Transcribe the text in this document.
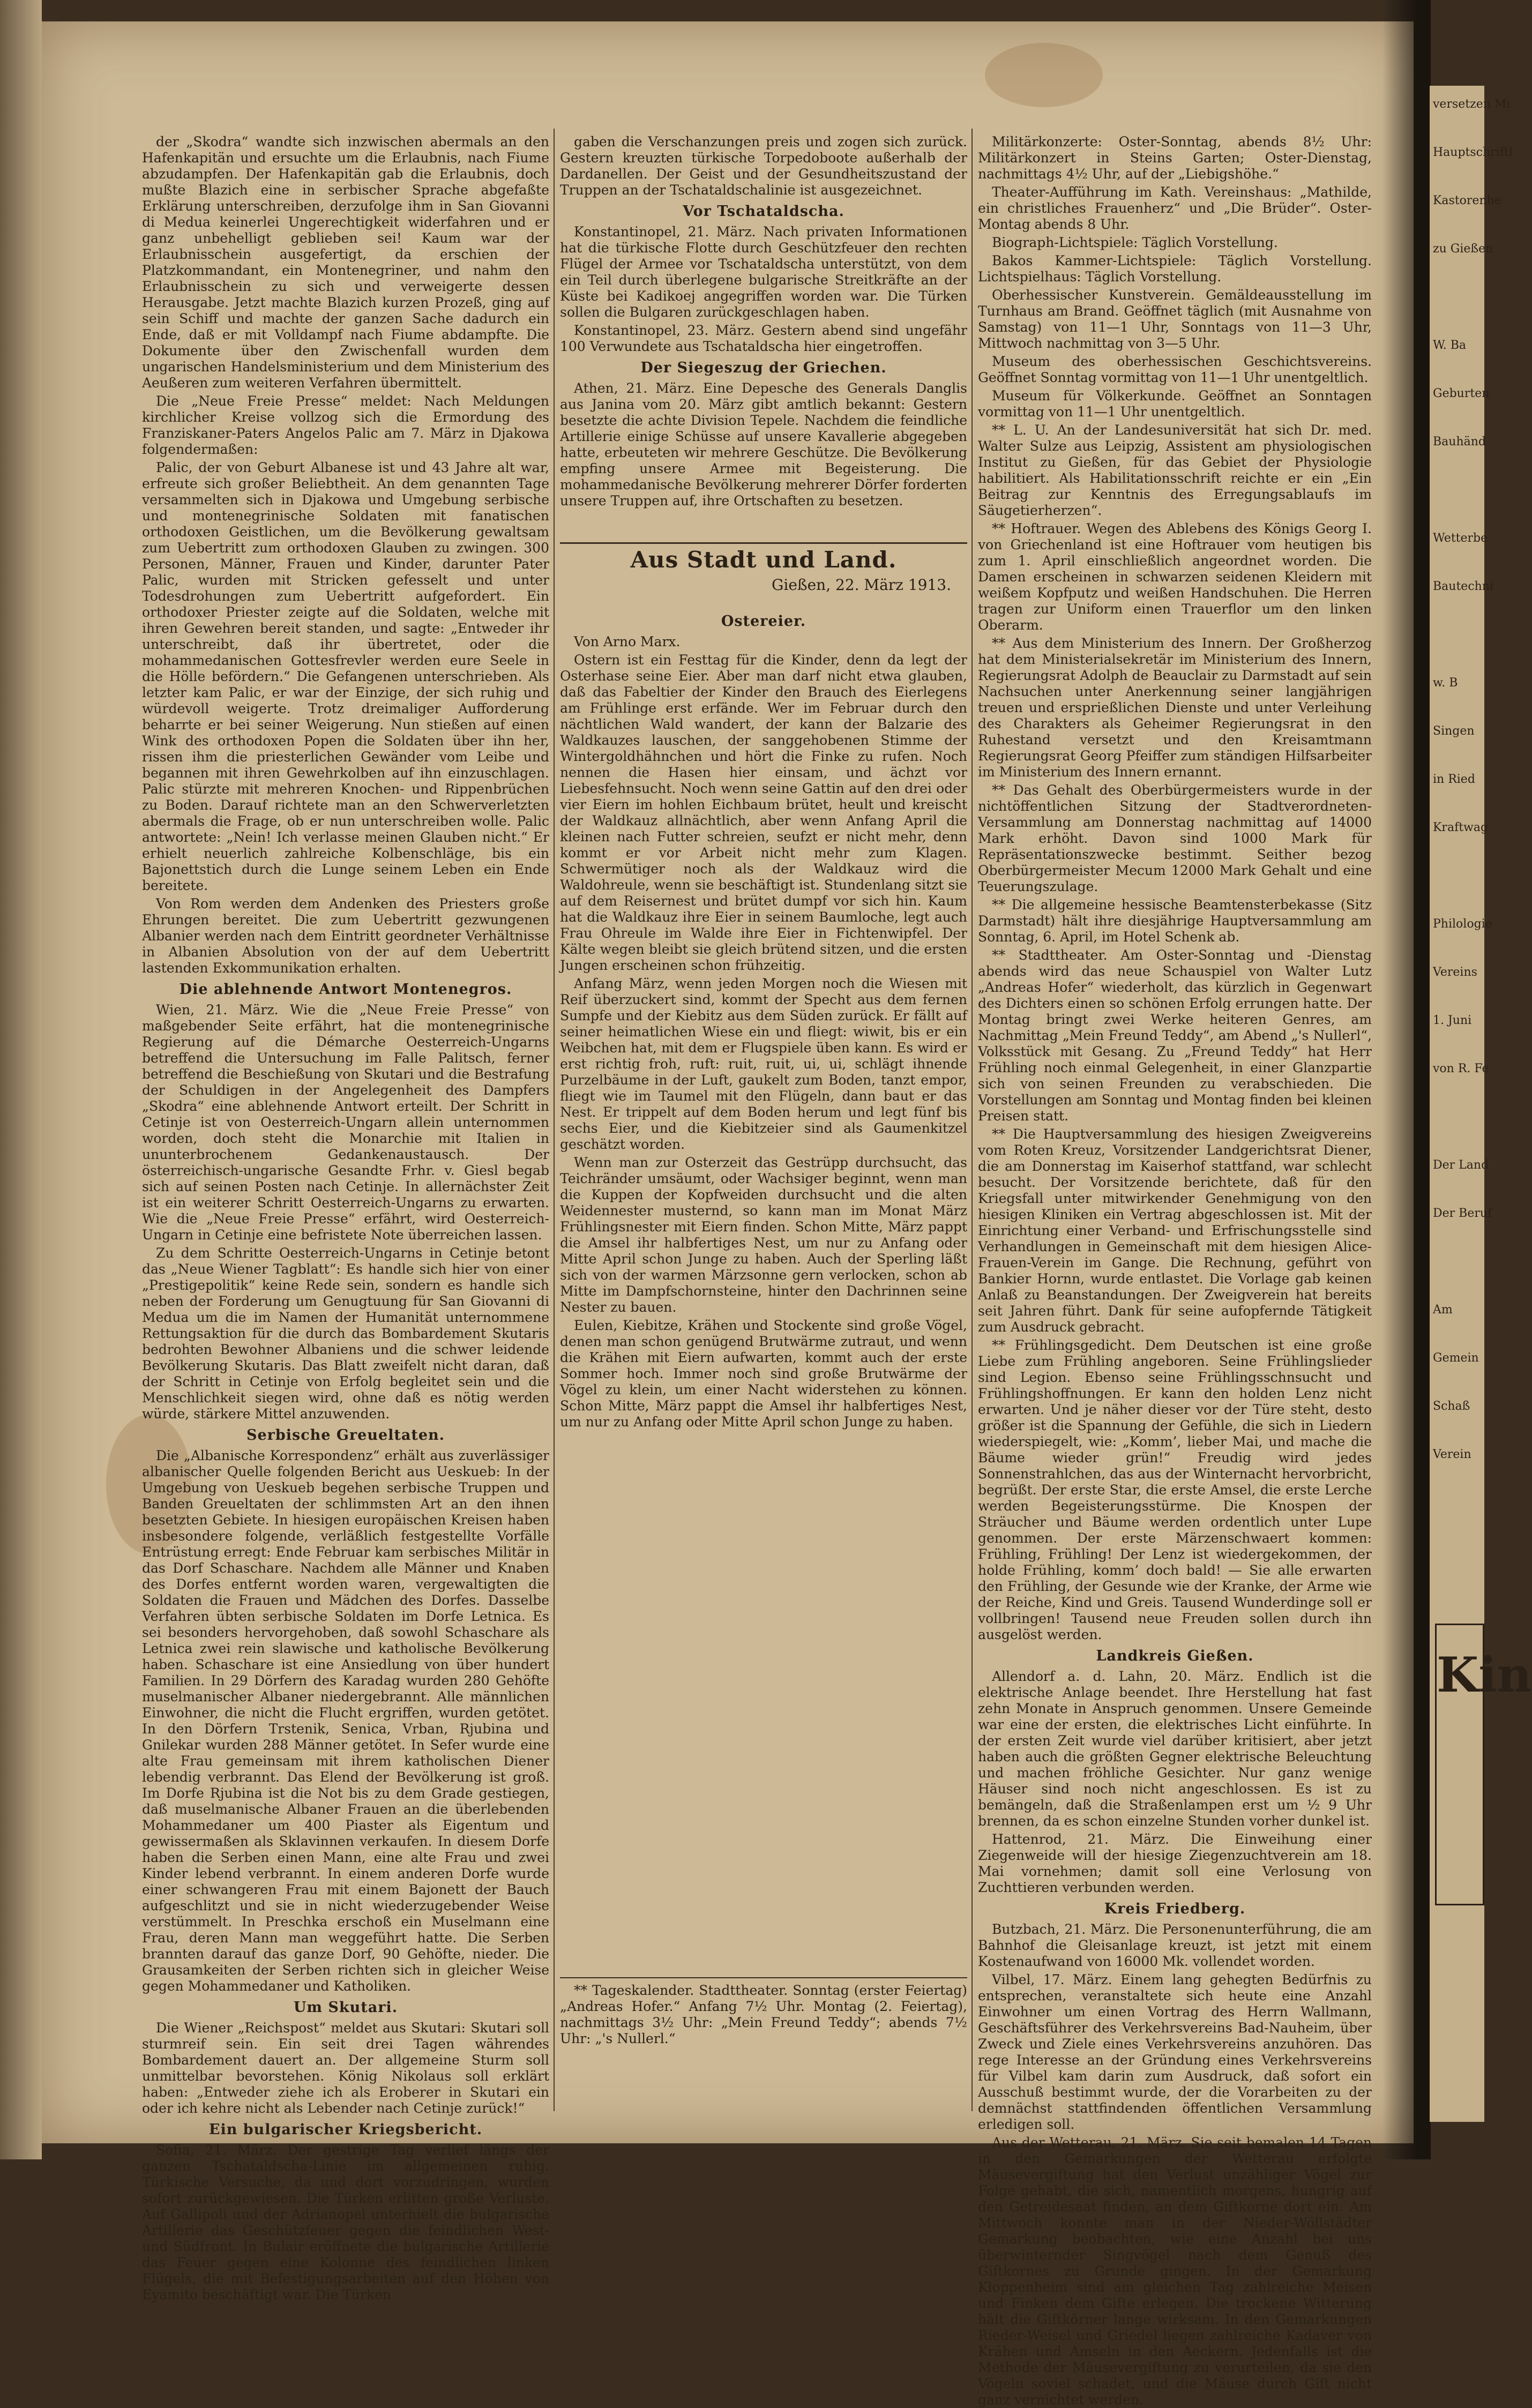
der „Skodra“ wandte sich inzwischen abermals an den Hafenkapitän und ersuchte um die Erlaubnis, nach Fiume abzudampfen. Der Hafenkapitän gab die Erlaubnis, doch mußte Blazich eine in serbischer Sprache abgefaßte Erklärung unterschreiben, derzufolge ihm in San Giovanni di Medua keinerlei Ungerechtigkeit widerfahren und er ganz unbehelligt geblieben sei! Kaum war der Erlaubnisschein ausgefertigt, da erschien der Platzkommandant, ein Montenegriner, und nahm den Erlaubnisschein zu sich und verweigerte dessen Herausgabe. Jetzt machte Blazich kurzen Prozeß, ging auf sein Schiff und machte der ganzen Sache dadurch ein Ende, daß er mit Volldampf nach Fiume abdampfte. Die Dokumente über den Zwischenfall wurden dem ungarischen Handelsministerium und dem Ministerium des Aeußeren zum weiteren Verfahren übermittelt.

Die „Neue Freie Presse“ meldet: Nach Meldungen kirchlicher Kreise vollzog sich die Ermordung des Franziskaner-Paters Angelos Palic am 7. März in Djakowa folgendermaßen:

Palic, der von Geburt Albanese ist und 43 Jahre alt war, erfreute sich großer Beliebtheit. An dem genannten Tage versammelten sich in Djakowa und Umgebung serbische und montenegrinische Soldaten mit fanatischen orthodoxen Geistlichen, um die Bevölkerung gewaltsam zum Uebertritt zum orthodoxen Glauben zu zwingen. 300 Personen, Männer, Frauen und Kinder, darunter Pater Palic, wurden mit Stricken gefesselt und unter Todesdrohungen zum Uebertritt aufgefordert. Ein orthodoxer Priester zeigte auf die Soldaten, welche mit ihren Gewehren bereit standen, und sagte: „Entweder ihr unterschreibt, daß ihr übertretet, oder die mohammedanischen Gottesfrevler werden eure Seele in die Hölle befördern.“ Die Gefangenen unterschrieben. Als letzter kam Palic, er war der Einzige, der sich ruhig und würdevoll weigerte. Trotz dreimaliger Aufforderung beharrte er bei seiner Weigerung. Nun stießen auf einen Wink des orthodoxen Popen die Soldaten über ihn her, rissen ihm die priesterlichen Gewänder vom Leibe und begannen mit ihren Gewehrkolben auf ihn einzuschlagen. Palic stürzte mit mehreren Knochen- und Rippenbrüchen zu Boden. Darauf richtete man an den Schwerverletzten abermals die Frage, ob er nun unterschreiben wolle. Palic antwortete: „Nein! Ich verlasse meinen Glauben nicht.“ Er erhielt neuerlich zahlreiche Kolbenschläge, bis ein Bajonettstich durch die Lunge seinem Leben ein Ende bereitete.

Von Rom werden dem Andenken des Priesters große Ehrungen bereitet. Die zum Uebertritt gezwungenen Albanier werden nach dem Eintritt geordneter Verhältnisse in Albanien Absolution von der auf dem Uebertritt lastenden Exkommunikation erhalten.

Die ablehnende Antwort Montenegros.

Wien, 21. März. Wie die „Neue Freie Presse“ von maßgebender Seite erfährt, hat die montenegrinische Regierung auf die Démarche Oesterreich-Ungarns betreffend die Untersuchung im Falle Palitsch, ferner betreffend die Beschießung von Skutari und die Bestrafung der Schuldigen in der Angelegenheit des Dampfers „Skodra“ eine ablehnende Antwort erteilt. Der Schritt in Cetinje ist von Oesterreich-Ungarn allein unternommen worden, doch steht die Monarchie mit Italien in ununterbrochenem Gedankenaustausch. Der österreichisch-ungarische Gesandte Frhr. v. Giesl begab sich auf seinen Posten nach Cetinje. In allernächster Zeit ist ein weiterer Schritt Oesterreich-Ungarns zu erwarten. Wie die „Neue Freie Presse“ erfährt, wird Oesterreich-Ungarn in Cetinje eine befristete Note überreichen lassen.

Zu dem Schritte Oesterreich-Ungarns in Cetinje betont das „Neue Wiener Tagblatt“: Es handle sich hier von einer „Prestigepolitik“ keine Rede sein, sondern es handle sich neben der Forderung um Genugtuung für San Giovanni di Medua um die im Namen der Humanität unternommene Rettungsaktion für die durch das Bombardement Skutaris bedrohten Bewohner Albaniens und die schwer leidende Bevölkerung Skutaris. Das Blatt zweifelt nicht daran, daß der Schritt in Cetinje von Erfolg begleitet sein und die Menschlichkeit siegen wird, ohne daß es nötig werden würde, stärkere Mittel anzuwenden.

Serbische Greueltaten.

Die „Albanische Korrespondenz“ erhält aus zuverlässiger albanischer Quelle folgenden Bericht aus Ueskueb: In der Umgebung von Ueskueb begehen serbische Truppen und Banden Greueltaten der schlimmsten Art an den ihnen besetzten Gebiete. In hiesigen europäischen Kreisen haben insbesondere folgende, verläßlich festgestellte Vorfälle Entrüstung erregt: Ende Februar kam serbisches Militär in das Dorf Schaschare. Nachdem alle Männer und Knaben des Dorfes entfernt worden waren, vergewaltigten die Soldaten die Frauen und Mädchen des Dorfes. Dasselbe Verfahren übten serbische Soldaten im Dorfe Letnica. Es sei besonders hervorgehoben, daß sowohl Schaschare als Letnica zwei rein slawische und katholische Bevölkerung haben. Schaschare ist eine Ansiedlung von über hundert Familien. In 29 Dörfern des Karadag wurden 280 Gehöfte muselmanischer Albaner niedergebrannt. Alle männlichen Einwohner, die nicht die Flucht ergriffen, wurden getötet. In den Dörfern Trstenik, Senica, Vrban, Rjubina und Gnilekar wurden 288 Männer getötet. In Sefer wurde eine alte Frau gemeinsam mit ihrem katholischen Diener lebendig verbrannt. Das Elend der Bevölkerung ist groß. Im Dorfe Rjubina ist die Not bis zu dem Grade gestiegen, daß muselmanische Albaner Frauen an die überlebenden Mohammedaner um 400 Piaster als Eigentum und gewissermaßen als Sklavinnen verkaufen. In diesem Dorfe haben die Serben einen Mann, eine alte Frau und zwei Kinder lebend verbrannt. In einem anderen Dorfe wurde einer schwangeren Frau mit einem Bajonett der Bauch aufgeschlitzt und sie in nicht wiederzugebender Weise verstümmelt. In Preschka erschoß ein Muselmann eine Frau, deren Mann man weggeführt hatte. Die Serben brannten darauf das ganze Dorf, 90 Gehöfte, nieder. Die Grausamkeiten der Serben richten sich in gleicher Weise gegen Mohammedaner und Katholiken.

Um Skutari.

Die Wiener „Reichspost“ meldet aus Skutari: Skutari soll sturmreif sein. Ein seit drei Tagen währendes Bombardement dauert an. Der allgemeine Sturm soll unmittelbar bevorstehen. König Nikolaus soll erklärt haben: „Entweder ziehe ich als Eroberer in Skutari ein oder ich kehre nicht als Lebender nach Cetinje zurück!“

Ein bulgarischer Kriegsbericht.

Sofia, 21. März. Der gestrige Tag verlief längs der ganzen Tschataldscha-Linie im allgemeinen ruhig. Türkische Versuche, da und dort vorzudringen, wurden sofort zurückgewiesen. Die Türken erlitten große Verluste. Auf Gallipoli und der Adrianopel unterhielt die bulgarische Artillerie das Geschützfeuer gegen die feindlichen West- und Südfront. In Bulair eröffnete die bulgarische Artillerie das Feuer gegen eine Kolonne des feindlichen linken Flügels, die mit Befestigungsarbeiten auf den Höhen von Eyamito beschäftigt war. Die Türken

gaben die Verschanzungen preis und zogen sich zurück. Gestern kreuzten türkische Torpedoboote außerhalb der Dardanellen. Der Geist und der Gesundheitszustand der Truppen an der Tschataldschalinie ist ausgezeichnet.

Vor Tschataldscha.

Konstantinopel, 21. März. Nach privaten Informationen hat die türkische Flotte durch Geschützfeuer den rechten Flügel der Armee vor Tschataldscha unterstützt, von dem ein Teil durch überlegene bulgarische Streitkräfte an der Küste bei Kadikoej angegriffen worden war. Die Türken sollen die Bulgaren zurückgeschlagen haben.

Konstantinopel, 23. März. Gestern abend sind ungefähr 100 Verwundete aus Tschataldscha hier eingetroffen.

Der Siegeszug der Griechen.

Athen, 21. März. Eine Depesche des Generals Danglis aus Janina vom 20. März gibt amtlich bekannt: Gestern besetzte die achte Division Tepele. Nachdem die feindliche Artillerie einige Schüsse auf unsere Kavallerie abgegeben hatte, erbeuteten wir mehrere Geschütze. Die Bevölkerung empfing unsere Armee mit Begeisterung. Die mohammedanische Bevölkerung mehrerer Dörfer forderten unsere Truppen auf, ihre Ortschaften zu besetzen.

Aus Stadt und Land.
Gießen, 22. März 1913.
Ostereier.

Von Arno Marx.

Ostern ist ein Festtag für die Kinder, denn da legt der Osterhase seine Eier. Aber man darf nicht etwa glauben, daß das Fabeltier der Kinder den Brauch des Eierlegens am Frühlinge erst erfände. Wer im Februar durch den nächtlichen Wald wandert, der kann der Balzarie des Waldkauzes lauschen, der sanggehobenen Stimme der Wintergoldhähnchen und hört die Finke zu rufen. Noch nennen die Hasen hier einsam, und ächzt vor Liebesfehnsucht. Noch wenn seine Gattin auf den drei oder vier Eiern im hohlen Eichbaum brütet, heult und kreischt der Waldkauz allnächtlich, aber wenn Anfang April die kleinen nach Futter schreien, seufzt er nicht mehr, denn kommt er vor Arbeit nicht mehr zum Klagen. Schwermütiger noch als der Waldkauz wird die Waldohreule, wenn sie beschäftigt ist. Stundenlang sitzt sie auf dem Reisernest und brütet dumpf vor sich hin. Kaum hat die Waldkauz ihre Eier in seinem Baumloche, legt auch Frau Ohreule im Walde ihre Eier in Fichtenwipfel. Der Kälte wegen bleibt sie gleich brütend sitzen, und die ersten Jungen erscheinen schon frühzeitig.

Anfang März, wenn jeden Morgen noch die Wiesen mit Reif überzuckert sind, kommt der Specht aus dem fernen Sumpfe und der Kiebitz aus dem Süden zurück. Er fällt auf seiner heimatlichen Wiese ein und fliegt: wiwit, bis er ein Weibchen hat, mit dem er Flugspiele üben kann. Es wird er erst richtig froh, ruft: ruit, ruit, ui, ui, schlägt ihnende Purzelbäume in der Luft, gaukelt zum Boden, tanzt empor, fliegt wie im Taumel mit den Flügeln, dann baut er das Nest. Er trippelt auf dem Boden herum und legt fünf bis sechs Eier, und die Kiebitzeier sind als Gaumenkitzel geschätzt worden.

Wenn man zur Osterzeit das Gestrüpp durchsucht, das Teichränder umsäumt, oder Wachsiger beginnt, wenn man die Kuppen der Kopfweiden durchsucht und die alten Weidennester musternd, so kann man im Monat März Frühlingsnester mit Eiern finden. Schon Mitte, März pappt die Amsel ihr halbfertiges Nest, um nur zu Anfang oder Mitte April schon Junge zu haben. Auch der Sperling läßt sich von der warmen Märzsonne gern verlocken, schon ab Mitte im Dampfschornsteine, hinter den Dachrinnen seine Nester zu bauen.

Eulen, Kiebitze, Krähen und Stockente sind große Vögel, denen man schon genügend Brutwärme zutraut, und wenn die Krähen mit Eiern aufwarten, kommt auch der erste Sommer hoch. Immer noch sind große Brutwärme der Vögel zu klein, um einer Nacht widerstehen zu können. Schon Mitte, März pappt die Amsel ihr halbfertiges Nest, um nur zu Anfang oder Mitte April schon Junge zu haben.

** Tageskalender. Stadttheater. Sonntag (erster Feiertag) „Andreas Hofer.“ Anfang 7½ Uhr. Montag (2. Feiertag), nachmittags 3½ Uhr: „Mein Freund Teddy“; abends 7½ Uhr: „'s Nullerl.“

Militärkonzerte: Oster-Sonntag, abends 8½ Uhr: Militärkonzert in Steins Garten; Oster-Dienstag, nachmittags 4½ Uhr, auf der „Liebigshöhe.“

Theater-Aufführung im Kath. Vereinshaus: „Mathilde, ein christliches Frauenherz“ und „Die Brüder“. Oster-Montag abends 8 Uhr.

Biograph-Lichtspiele: Täglich Vorstellung.

Bakos Kammer-Lichtspiele: Täglich Vorstellung. Lichtspielhaus: Täglich Vorstellung.

Oberhessischer Kunstverein. Gemäldeausstellung im Turnhaus am Brand. Geöffnet täglich (mit Ausnahme von Samstag) von 11—1 Uhr, Sonntags von 11—3 Uhr, Mittwoch nachmittag von 3—5 Uhr.

Museum des oberhessischen Geschichtsvereins. Geöffnet Sonntag vormittag von 11—1 Uhr unentgeltlich.

Museum für Völkerkunde. Geöffnet an Sonntagen vormittag von 11—1 Uhr unentgeltlich.

** L. U. An der Landesuniversität hat sich Dr. med. Walter Sulze aus Leipzig, Assistent am physiologischen Institut zu Gießen, für das Gebiet der Physiologie habilitiert. Als Habilitationsschrift reichte er ein „Ein Beitrag zur Kenntnis des Erregungsablaufs im Säugetierherzen“.

** Hoftrauer. Wegen des Ablebens des Königs Georg I. von Griechenland ist eine Hoftrauer vom heutigen bis zum 1. April einschließlich angeordnet worden. Die Damen erscheinen in schwarzen seidenen Kleidern mit weißem Kopfputz und weißen Handschuhen. Die Herren tragen zur Uniform einen Trauerflor um den linken Oberarm.

** Aus dem Ministerium des Innern. Der Großherzog hat dem Ministerialsekretär im Ministerium des Innern, Regierungsrat Adolph de Beauclair zu Darmstadt auf sein Nachsuchen unter Anerkennung seiner langjährigen treuen und ersprießlichen Dienste und unter Verleihung des Charakters als Geheimer Regierungsrat in den Ruhestand versetzt und den Kreisamtmann Regierungsrat Georg Pfeiffer zum ständigen Hilfsarbeiter im Ministerium des Innern ernannt.

** Das Gehalt des Oberbürgermeisters wurde in der nichtöffentlichen Sitzung der Stadtverordneten-Versammlung am Donnerstag nachmittag auf 14000 Mark erhöht. Davon sind 1000 Mark für Repräsentationszwecke bestimmt. Seither bezog Oberbürgermeister Mecum 12000 Mark Gehalt und eine Teuerungszulage.

** Die allgemeine hessische Beamtensterbekasse (Sitz Darmstadt) hält ihre diesjährige Hauptversammlung am Sonntag, 6. April, im Hotel Schenk ab.

** Stadttheater. Am Oster-Sonntag und -Dienstag abends wird das neue Schauspiel von Walter Lutz „Andreas Hofer“ wiederholt, das kürzlich in Gegenwart des Dichters einen so schönen Erfolg errungen hatte. Der Montag bringt zwei Werke heiteren Genres, am Nachmittag „Mein Freund Teddy“, am Abend „'s Nullerl“, Volksstück mit Gesang. Zu „Freund Teddy“ hat Herr Frühling noch einmal Gelegenheit, in einer Glanzpartie sich von seinen Freunden zu verabschieden. Die Vorstellungen am Sonntag und Montag finden bei kleinen Preisen statt.

** Die Hauptversammlung des hiesigen Zweigvereins vom Roten Kreuz, Vorsitzender Landgerichtsrat Diener, die am Donnerstag im Kaiserhof stattfand, war schlecht besucht. Der Vorsitzende berichtete, daß für den Kriegsfall unter mitwirkender Genehmigung von den hiesigen Kliniken ein Vertrag abgeschlossen ist. Mit der Einrichtung einer Verband- und Erfrischungsstelle sind Verhandlungen in Gemeinschaft mit dem hiesigen Alice-Frauen-Verein im Gange. Die Rechnung, geführt von Bankier Hornn, wurde entlastet. Die Vorlage gab keinen Anlaß zu Beanstandungen. Der Zweigverein hat bereits seit Jahren führt. Dank für seine aufopfernde Tätigkeit zum Ausdruck gebracht.

** Frühlingsgedicht. Dem Deutschen ist eine große Liebe zum Frühling angeboren. Seine Frühlingslieder sind Legion. Ebenso seine Frühlingsschnsucht und Frühlingshoffnungen. Er kann den holden Lenz nicht erwarten. Und je näher dieser vor der Türe steht, desto größer ist die Spannung der Gefühle, die sich in Liedern wiederspiegelt, wie: „Komm’, lieber Mai, und mache die Bäume wieder grün!“ Freudig wird jedes Sonnenstrahlchen, das aus der Winternacht hervorbricht, begrüßt. Der erste Star, die erste Amsel, die erste Lerche werden Begeisterungsstürme. Die Knospen der Sträucher und Bäume werden ordentlich unter Lupe genommen. Der erste Märzenschwaert kommen: Frühling, Frühling! Der Lenz ist wiedergekommen, der holde Frühling, komm’ doch bald! — Sie alle erwarten den Frühling, der Gesunde wie der Kranke, der Arme wie der Reiche, Kind und Greis. Tausend Wunderdinge soll er vollbringen! Tausend neue Freuden sollen durch ihn ausgelöst werden.

Landkreis Gießen.

Allendorf a. d. Lahn, 20. März. Endlich ist die elektrische Anlage beendet. Ihre Herstellung hat fast zehn Monate in Anspruch genommen. Unsere Gemeinde war eine der ersten, die elektrisches Licht einführte. In der ersten Zeit wurde viel darüber kritisiert, aber jetzt haben auch die größten Gegner elektrische Beleuchtung und machen fröhliche Gesichter. Nur ganz wenige Häuser sind noch nicht angeschlossen. Es ist zu bemängeln, daß die Straßenlampen erst um ½ 9 Uhr brennen, da es schon einzelne Stunden vorher dunkel ist.

Hattenrod, 21. März. Die Einweihung einer Ziegenweide will der hiesige Ziegenzuchtverein am 18. Mai vornehmen; damit soll eine Verlosung von Zuchttieren verbunden werden.

Kreis Friedberg.

Butzbach, 21. März. Die Personenunterführung, die am Bahnhof die Gleisanlage kreuzt, ist jetzt mit einem Kostenaufwand von 16000 Mk. vollendet worden.

Vilbel, 17. März. Einem lang gehegten Bedürfnis zu entsprechen, veranstaltete sich heute eine Anzahl Einwohner um einen Vortrag des Herrn Wallmann, Geschäftsführer des Verkehrsvereins Bad-Nauheim, über Zweck und Ziele eines Verkehrsvereins anzuhören. Das rege Interesse an der Gründung eines Verkehrsvereins für Vilbel kam darin zum Ausdruck, daß sofort ein Ausschuß bestimmt wurde, der die Vorarbeiten zu der demnächst stattfindenden öffentlichen Versammlung erledigen soll.

Aus der Wetterau, 21. März. Sie seit bemalen 14 Tagen in den Gemarkungen der Wetterau erfolgte Mäusevergiftung hat den Verlust unzähliger Vögel zur Folge gehabt, die sich, namentlich morgens, hungrig auf den Getreidesaat finden, an dem Giftkorne dort ein. Am Mittwoch konnte man in der Nieder-Wöllstädter Gemarkung beobachten, wie eine Anzahl bei uns überwinternder Singvögel nach dem Genuß des Giftkornes zu Grunde gingen. In der Gemarkung Kloppenheim sind am gleichen Tag zahlreiche Meisen und Finken dem Gifte erlegen. Die trockene Witterung hält die Giftkörner lange wirksam. In den Gemarkungen Rieder-Weisel und Griedel liegen zahlreiche Kadaver von Krähen und Amseln in den Aeckern. Jedenfalls ist die Methode der Mäusevergiftung zu verurteilen, da sie den Vögeln soviel schadet, und die Mäuse durch Gift nicht ganz vernichtet werden.

versetzen Mi
Hauptschriftl
Kastorenhe
zu Gießen
W. Ba
Geburten
Bauhänd
Wetterbe
Bautechni
w. B
Singen
in Ried
Kraftwag
Philologie
Vereins
1. Juni
von R. Fe
Der Land
Der Beruf
Am
Gemein
Schaß
Verein
Kin
